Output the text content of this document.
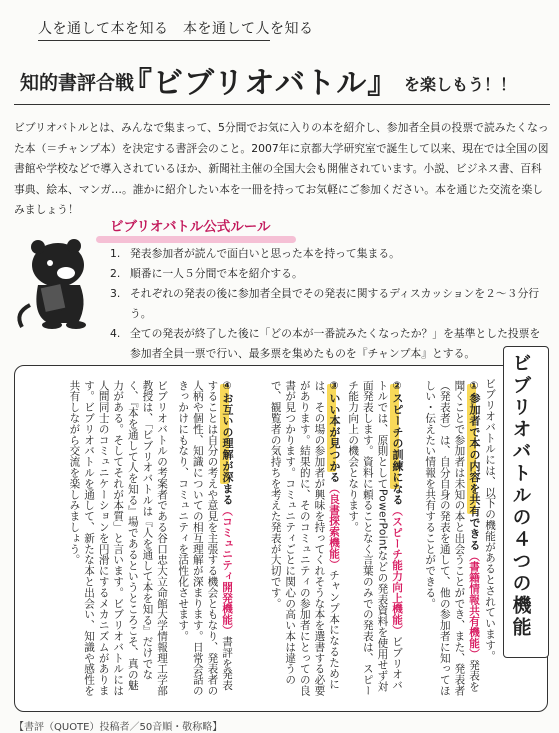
人を通して本を知る　本を通して人を知る
知的書評合戦
『ビブリオバトル』 を楽しもう！！
ビブリオバトルとは、みんなで集まって、5分間でお気に入りの本を紹介し、参加者全員の投票で読みたくなった本（＝チャンプ本）を決定する書評会のこと。2007年に京都大学研究室で誕生して以来、現在では全国の図書館や学校などで導入されているほか、新聞社主催の全国大会も開催されています。小説、ビジネス書、百科事典、絵本、マンガ…。誰かに紹介したい本を一冊を持ってお気軽にご参加ください。本を通じた交流を楽しみましょう！
ビブリオバトル公式ルール
1. 発表参加者が読んで面白いと思った本を持って集まる。
2. 順番に一人５分間で本を紹介する。
3. それぞれの発表の後に参加者全員でその発表に関するディスカッションを２～３分行う。
4. 全ての発表が終了した後に「どの本が一番読みたくなったか？」を基準とした投票を参加者全員一票で行い、最多票を集めたものを『チャンプ本』とする。	ビブリオバトルの４つの機能
ビブリオバトルには、以下の機能があるとされています。
①参加者で本の内容を共有できる（書籍情報共有機能）発表を聞くことで参加者は未知の本と出会うことができ、また、発表者（発表者）は、自分自身の発表を通して、他の参加者に知ってほしい・伝えたい情報を共有することができる。
②スピーチの訓練になる（スピーチ能力向上機能）ビブリオバトルでは、原則としてPowerPointなどの発表資料を使用せず対面発表します。資料に頼ることなく言葉のみでの発表は、スピーチ能力向上の機会となります。
③いい本が見つかる（良書探索機能）チャンプ本になるためには、その場の参加者が興味を持ってくれそうな本を選書する必要があります。結果的に、そのコミュニティの参加者にとっての良書が見つかります。コミュニティごとに関心の高い本は違うので、観覧者の気持ちを考えた発表が大切です。
④お互いの理解が深まる（コミュニティ開発機能）書評を発表することは自分の考えや意見を主張する機会ともなり、発表者の人柄や個性、知識についての相互理解が深まります。日常会話のきっかけにもなり、コミュニティを活性化させます。
ビブリオバトルの考案者である谷口忠大立命館大学情報理工学部教授は、「ビブリオバトルは『人を通して本を知る』だけでなく、『本を通して人を知る』場であるというところこそ、真の魅力がある。そしてそれが本質」と言います。ビブリオバトルには人間同士のコミュニケーションを円滑にするメカニズムがあります。ビブリオバトルを通して、新たな本と出会い、知識や感性を共有しながら交流を楽しみましょう。
【書評（QUOTE）投稿者／50音順・敬称略】
